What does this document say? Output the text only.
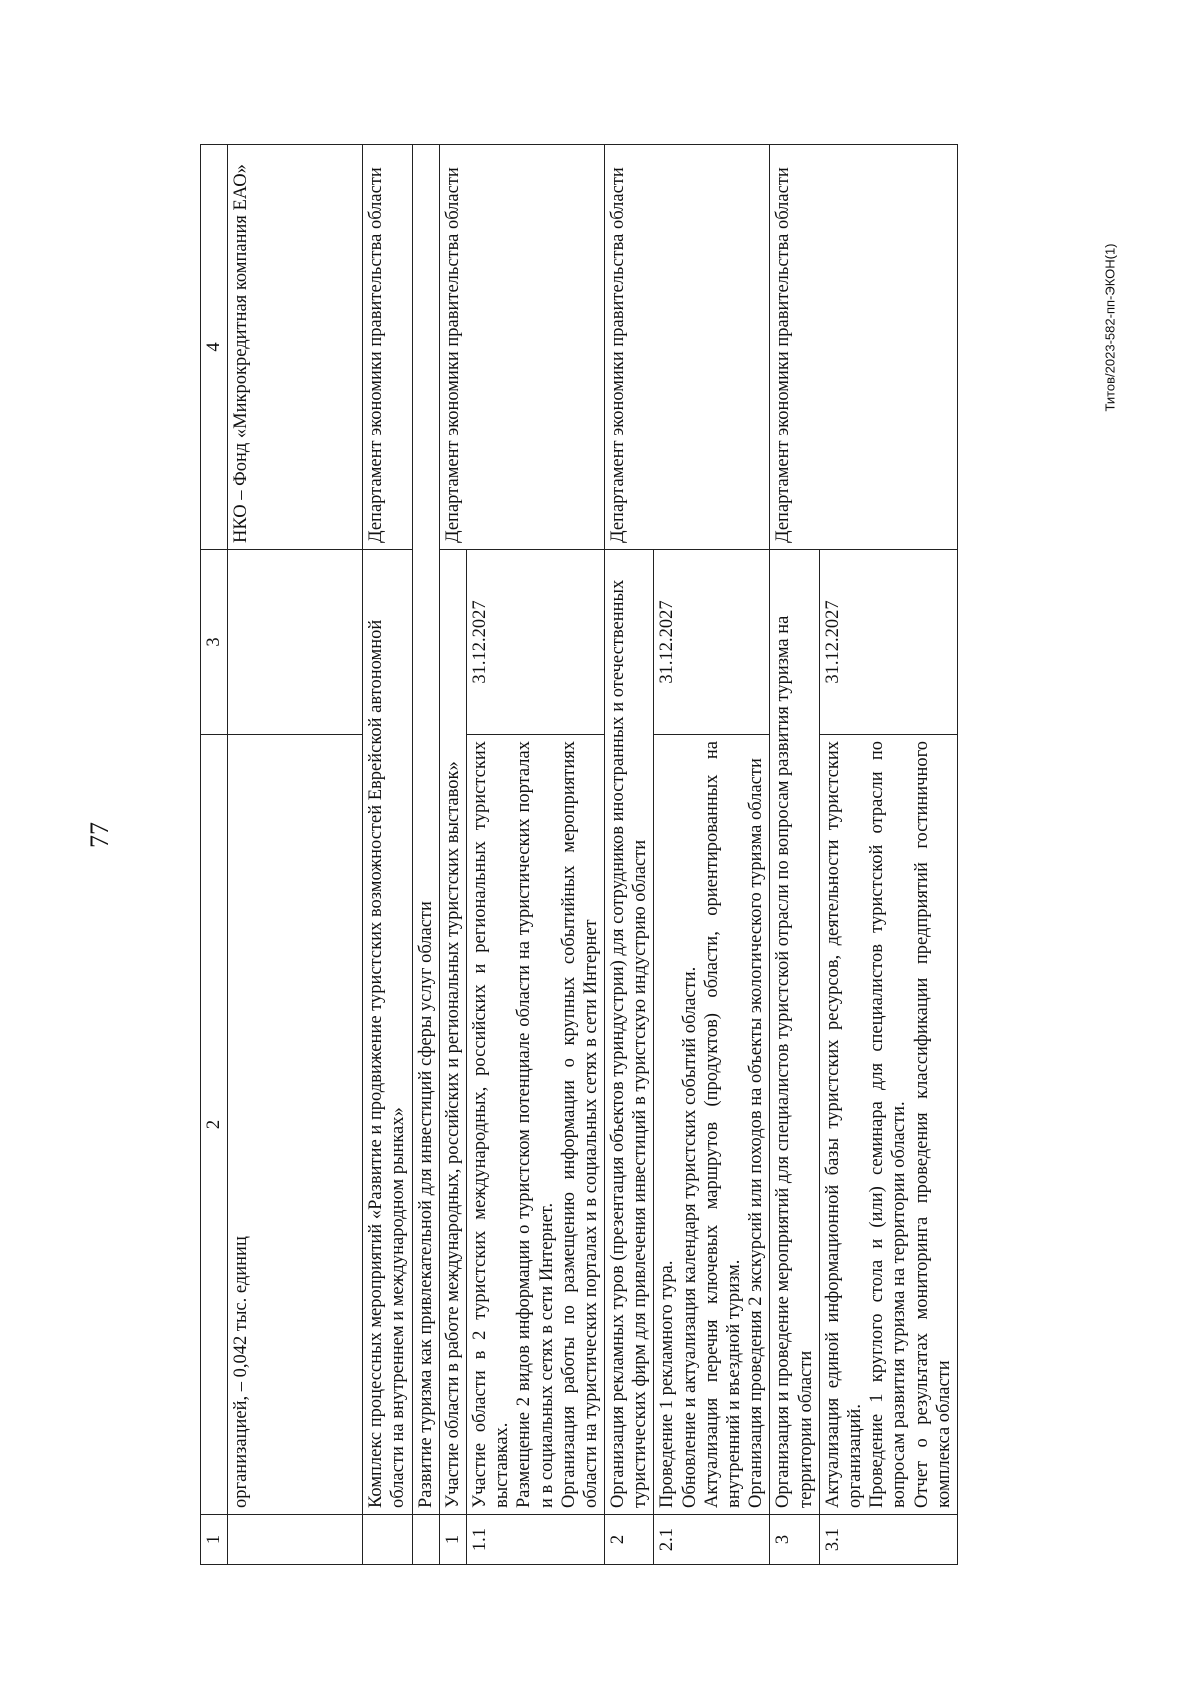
77
Титов/2023-582-пп-ЭКОН(1)
1	2	3	4
	организацией, – 0,042 тыс. единиц		НКО – Фонд «Микрокредитная компания ЕАО»
	Комплекс процессных мероприятий «Развитие и продвижение туристских возможностей Еврейской автономной области на внутреннем и международном рынках»		Департамент экономики правительства области
	Развитие туризма как привлекательной для инвестиций сферы услуг области		
1	Участие области в работе международных, российских и региональных туристских выставок»		Департамент экономики правительства области
1.1	Участие области в 2 туристских международных, российских и региональных туристских выставках. Размещение 2 видов информации о туристском потенциале области на туристических порталах и в социальных сетях в сети Интернет. Организация работы по размещению информации о крупных событийных мероприятиях области на туристических порталах и в социальных сетях в сети Интернет	31.12.2027	
2	Организация рекламных туров (презентация объектов туриндустрии) для сотрудников иностранных и отечественных туристических фирм для привлечения инвестиций в туристскую индустрию области		Департамент экономики правительства области
2.1	Проведение 1 рекламного тура. Обновление и актуализация календаря туристских событий области. Актуализация перечня ключевых маршрутов (продуктов) области, ориентированных на внутренний и въездной туризм. Организация проведения 2 экскурсий или походов на объекты экологического туризма области	31.12.2027	
3	Организация и проведение мероприятий для специалистов туристской отрасли по вопросам развития туризма на территории области		Департамент экономики правительства области
3.1	Актуализация единой информационной базы туристских ресурсов, деятельности туристских организаций. Проведение 1 круглого стола и (или) семинара для специалистов туристской отрасли по вопросам развития туризма на территории области. Отчет о результатах мониторинга проведения классификации предприятий гостиничного комплекса области	31.12.2027	
